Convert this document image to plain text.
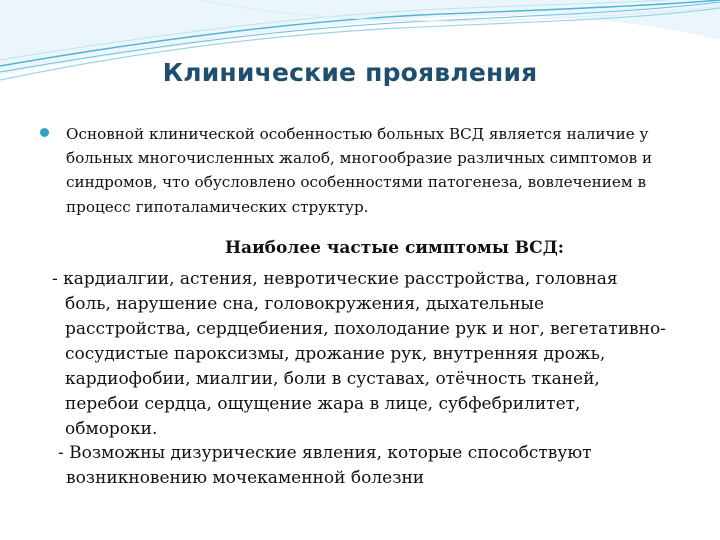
Клинические проявления
Основной клинической особенностью больных ВСД является наличие у больных многочисленных жалоб, многообразие различных симптомов и синдромов, что обусловлено особенностями патогенеза, вовлечением в процесс гипоталамических структур.
Наиболее частые симптомы ВСД:
- кардиалгии, астения, невротические расстройства, головная
боль, нарушение сна, головокружения, дыхательные
расстройства, сердцебиения, похолодание рук и ног, вегетативно-
сосудистые пароксизмы, дрожание рук, внутренняя дрожь,
кардиофобии, миалгии, боли в суставах, отёчность тканей,
перебои сердца, ощущение жара в лице, субфебрилитет,
обмороки.
- Возможны дизурические явления, которые способствуют
возникновению мочекаменной болезни
